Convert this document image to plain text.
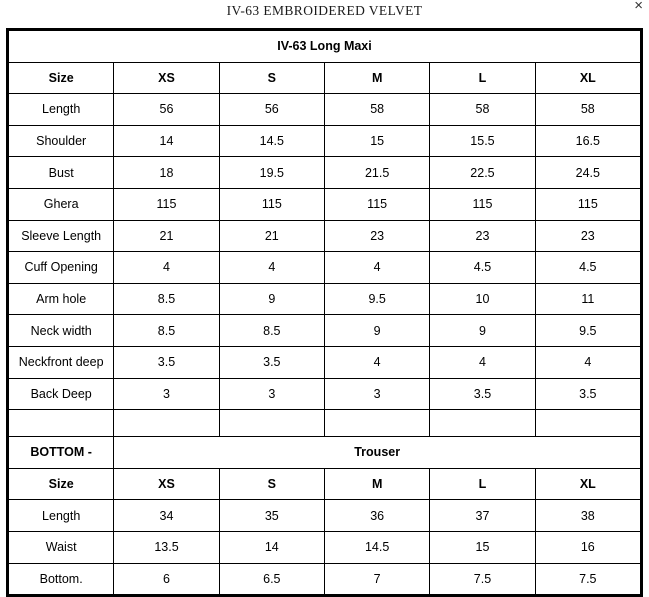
IV-63 EMBROIDERED VELVET	×
IV-63 Long Maxi					
Size	XS	S	M	L	XL
Length	56	56	58	58	58
Shoulder	14	14.5	15	15.5	16.5
Bust	18	19.5	21.5	22.5	24.5
Ghera	115	115	115	115	115
Sleeve Length	21	21	23	23	23
Cuff Opening	4	4	4	4.5	4.5
Arm hole	8.5	9	9.5	10	11
Neck width	8.5	8.5	9	9	9.5
Neckfront deep	3.5	3.5	4	4	4
Back Deep	3	3	3	3.5	3.5

BOTTOM -	Trouser				
Size	XS	S	M	L	XL
Length	34	35	36	37	38
Waist	13.5	14	14.5	15	16
Bottom.	6	6.5	7	7.5	7.5
